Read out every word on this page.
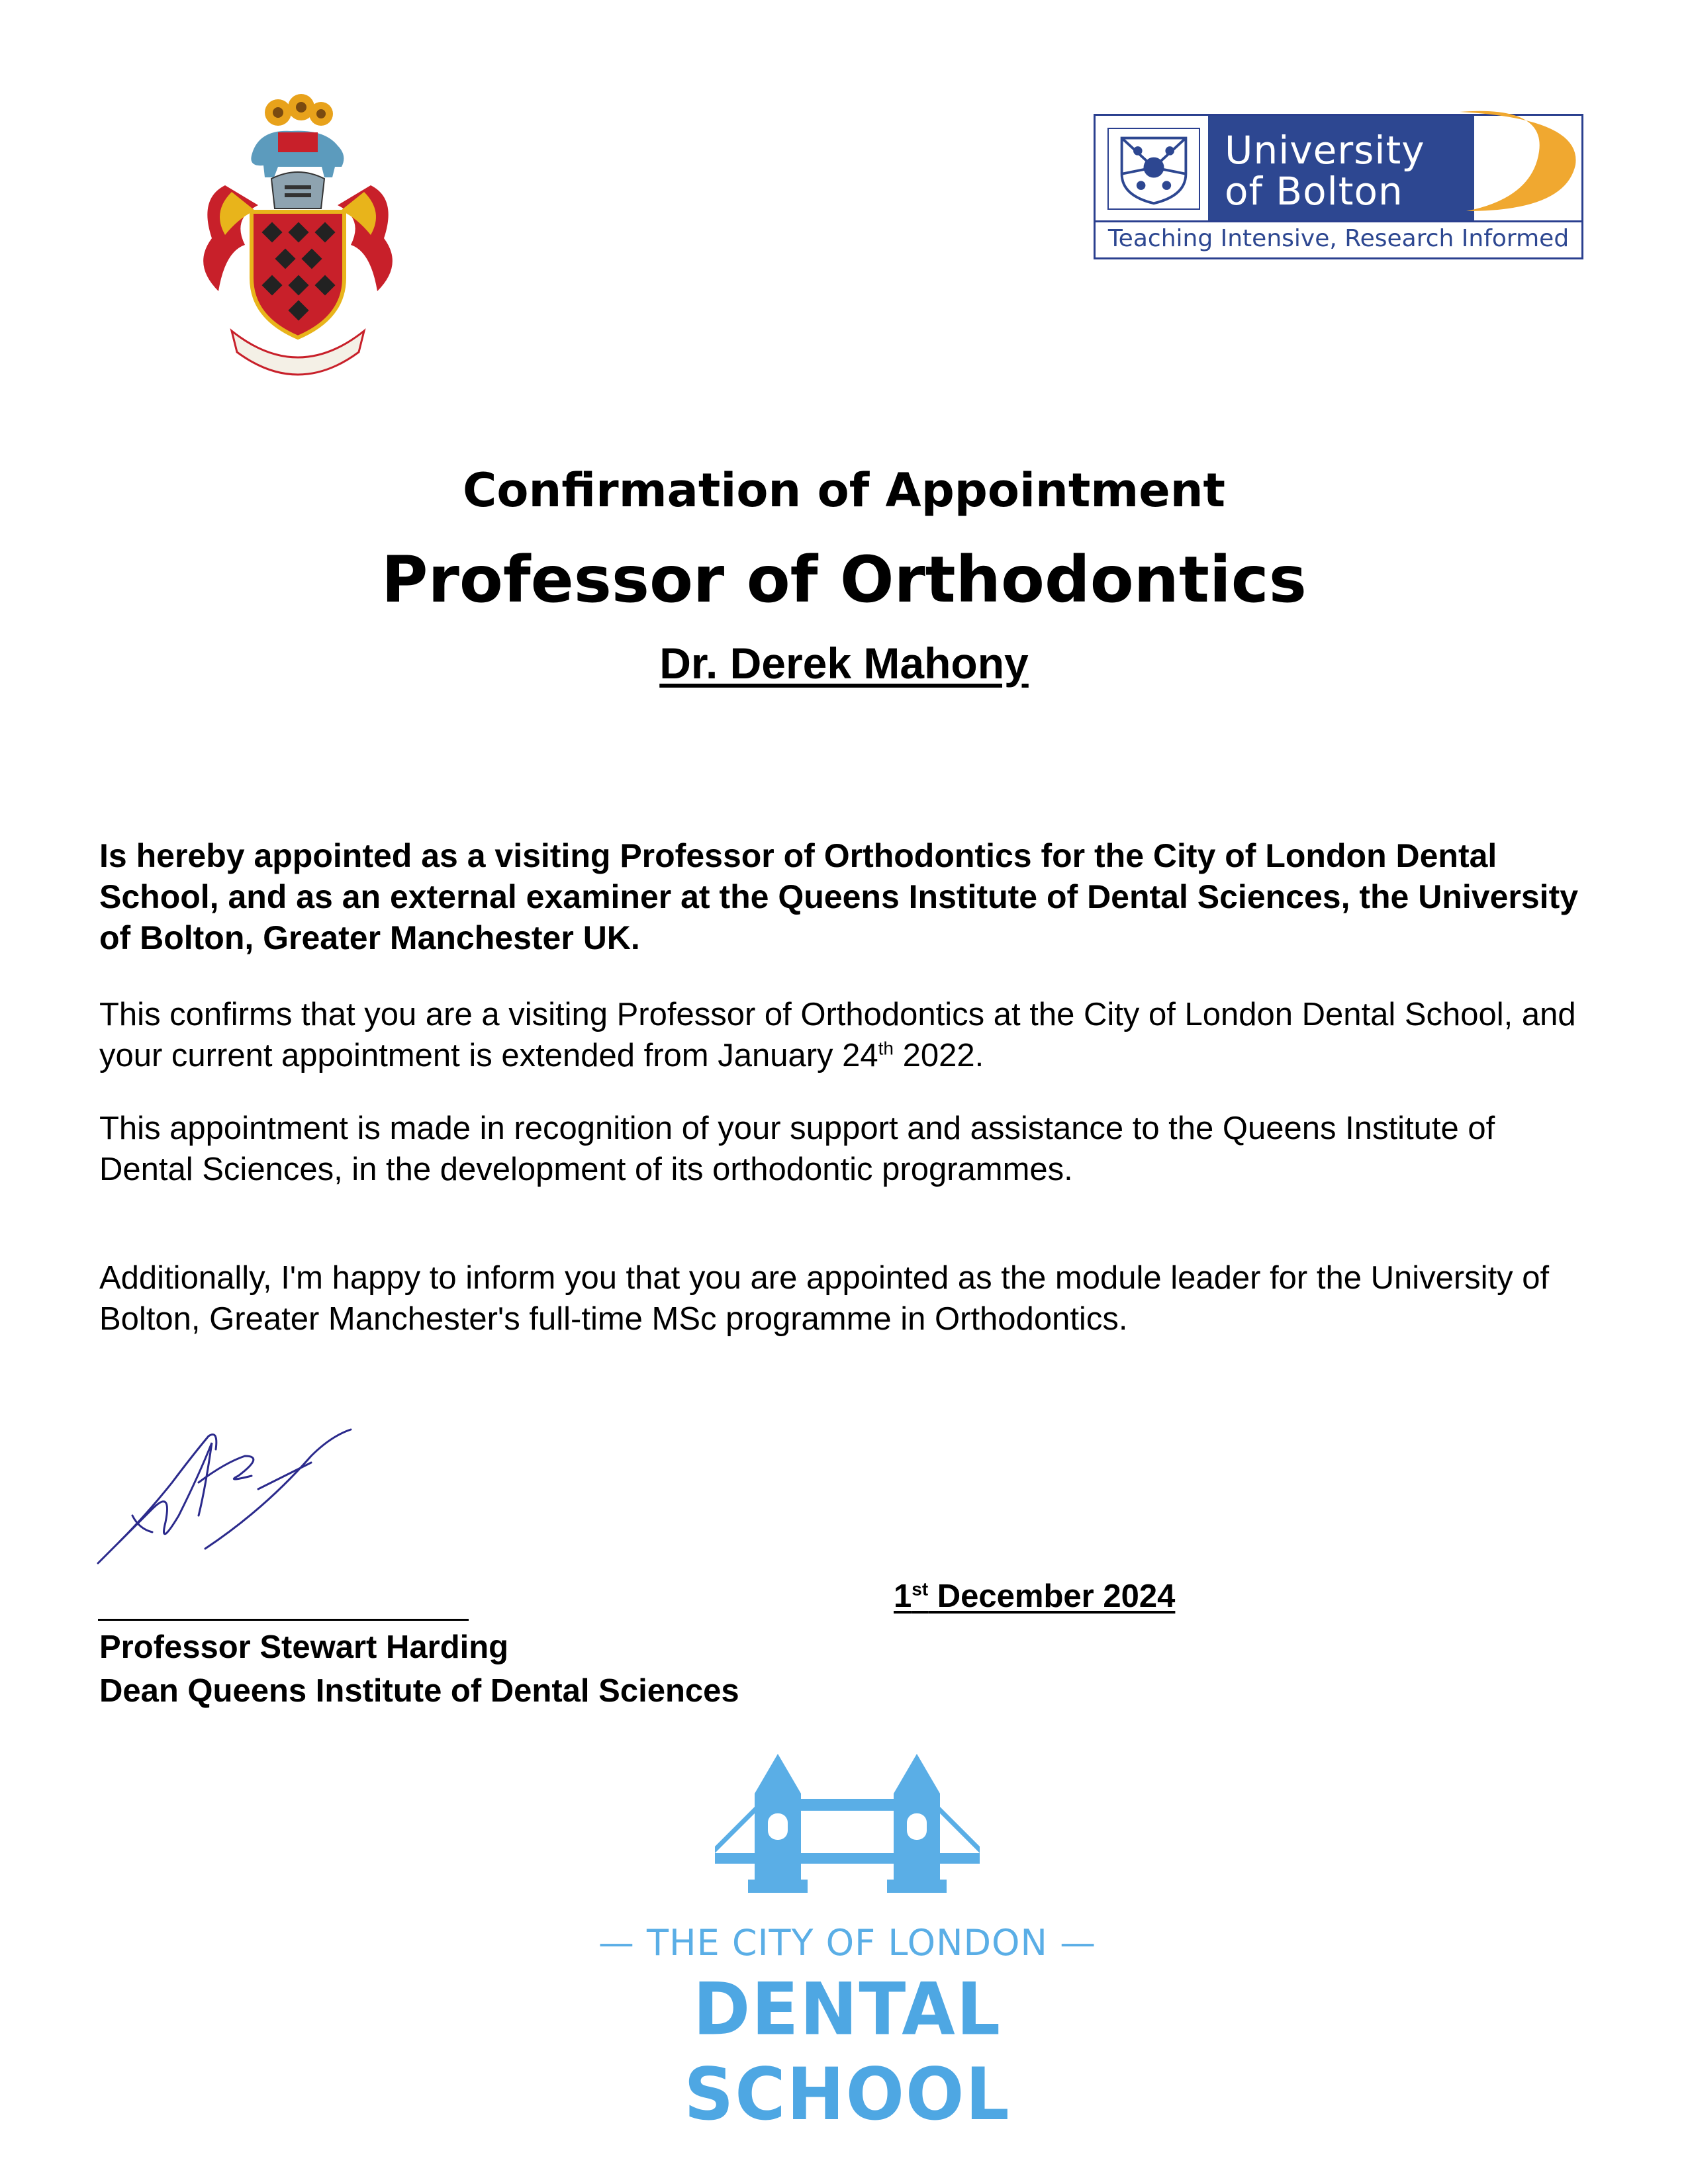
University
of Bolton
Teaching Intensive, Research Informed
Confirmation of Appointment
Professor of Orthodontics
Dr. Derek Mahony
Is hereby appointed as a visiting Professor of Orthodontics for the City of London Dental School, and as an external examiner at the Queens Institute of Dental Sciences, the University of Bolton, Greater Manchester UK.
This confirms that you are a visiting Professor of Orthodontics at the City of London Dental School, and your current appointment is extended from January 24th 2022.
This appointment is made in recognition of your support and assistance to the Queens Institute of Dental Sciences, in the development of its orthodontic programmes.
Additionally, I'm happy to inform you that you are appointed as the module leader for the University of Bolton, Greater Manchester's full-time MSc programme in Orthodontics.
Professor Stewart Harding
Dean Queens Institute of Dental Sciences
1st December 2024
— THE CITY OF LONDON —
DENTAL SCHOOL
